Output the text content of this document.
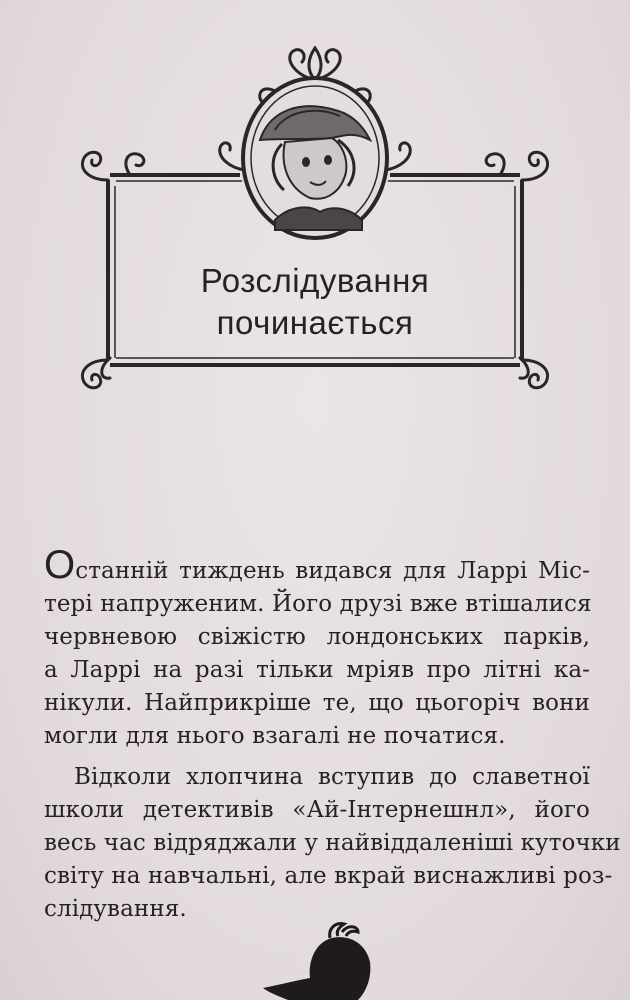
Розслідування
починається
Останній тиждень видався для Ларрі Міс-
тері напруженим. Його друзі вже втішалися
червневою свіжістю лондонських парків,
а Ларрі на разі тільки мріяв про літні ка-
нікули. Найприкріше те, що цьогоріч вони
могли для нього взагалі не початися.
Відколи хлопчина вступив до славетної
школи детективів «Ай-Інтернешнл», його
весь час відряджали у найвіддаленіші куточки
світу на навчальні, але вкрай виснажливі роз-
слідування.
7
